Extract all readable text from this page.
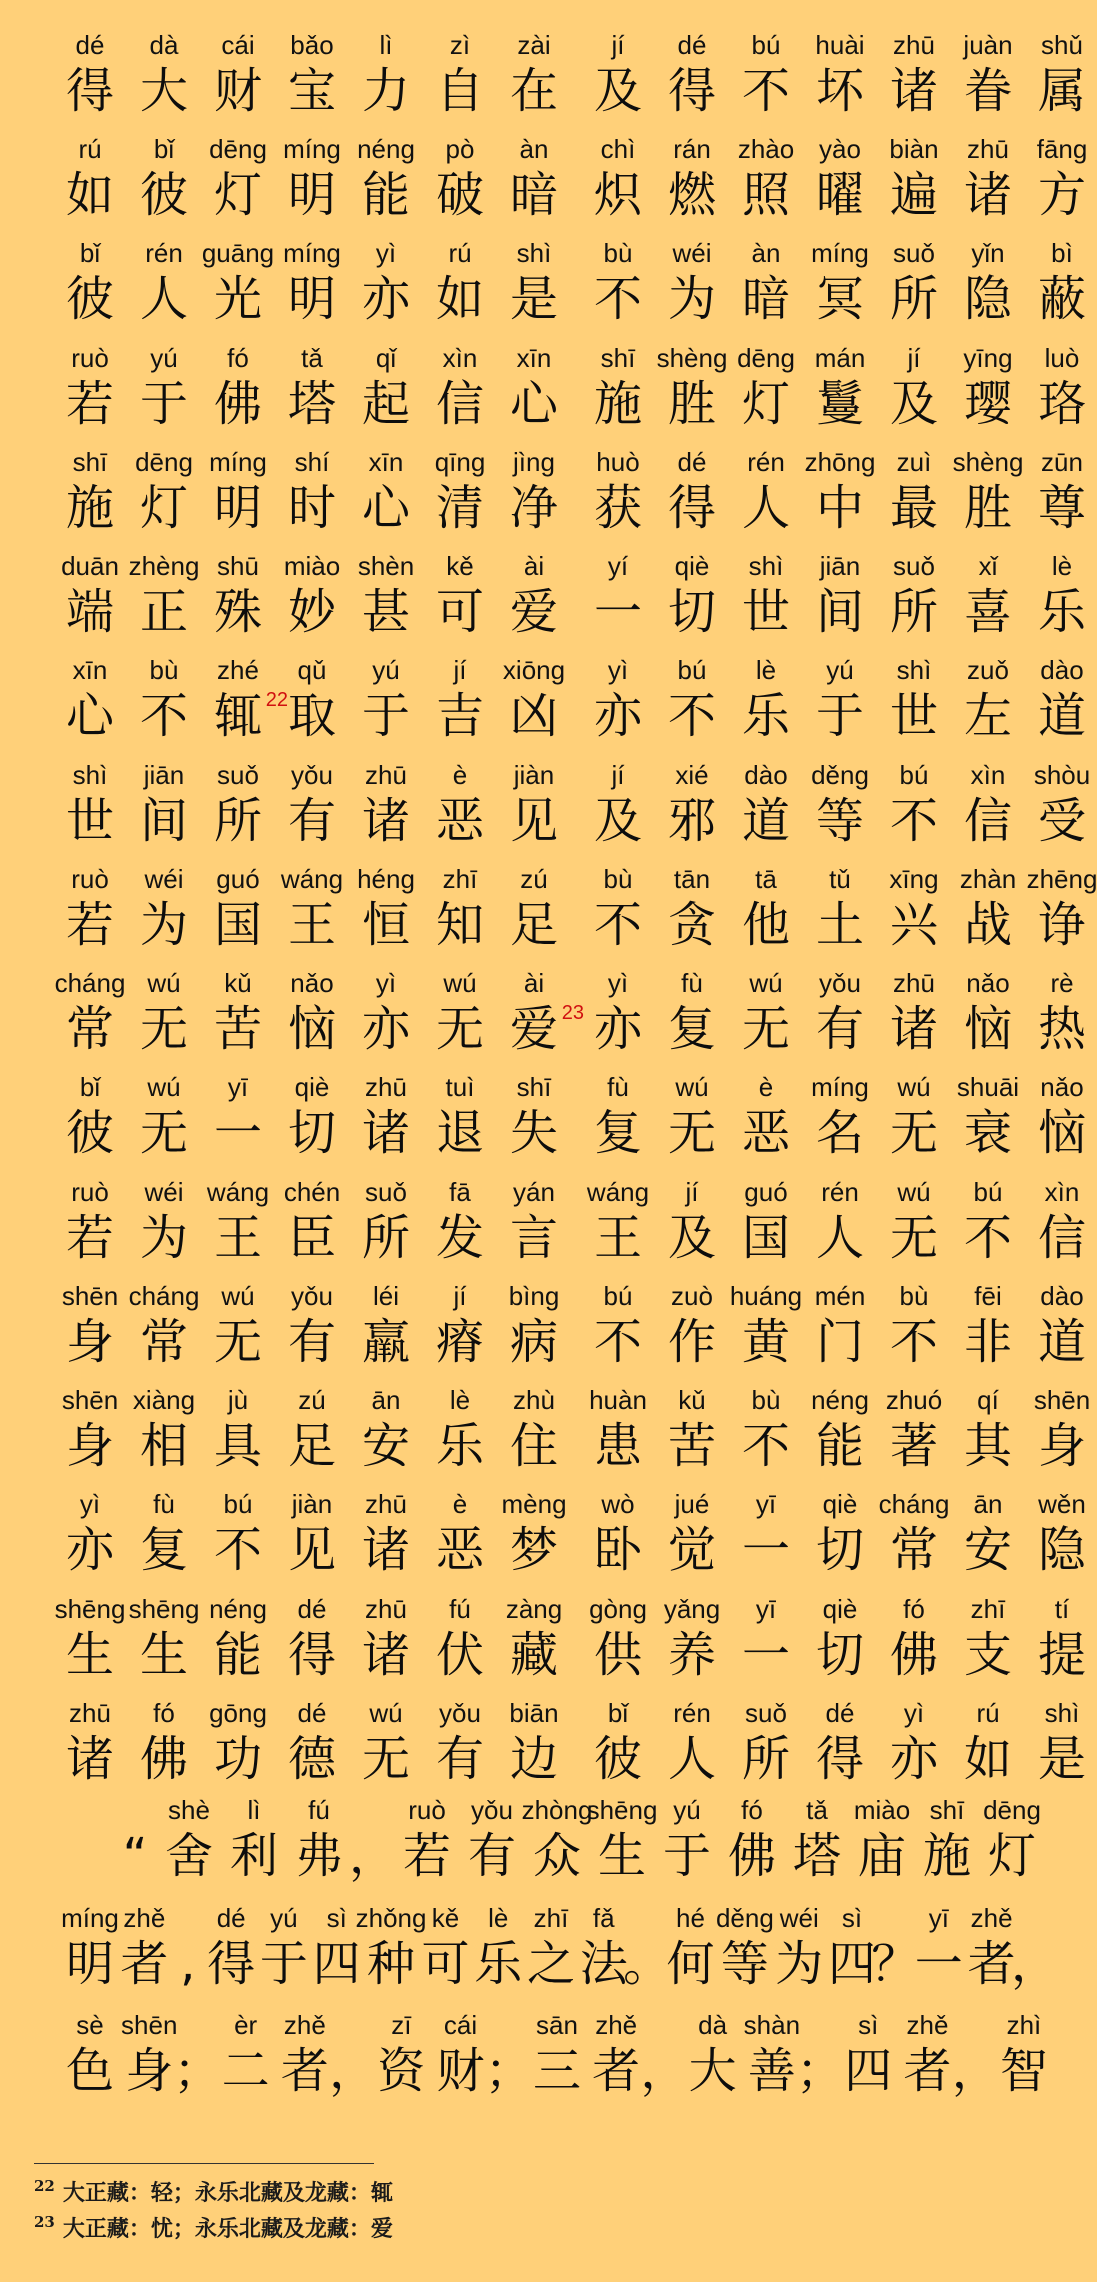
dé
得
dà
大
cái
财
bǎo
宝
lì
力
zì
自
zài
在
jí
及
dé
得
bú
不
huài
坏
zhū
诸
juàn
眷
shǔ
属
rú
如
bǐ
彼
dēng
灯
míng
明
néng
能
pò
破
àn
暗
chì
炽
rán
燃
zhào
照
yào
曜
biàn
遍
zhū
诸
fāng
方
bǐ
彼
rén
人
guāng
光
míng
明
yì
亦
rú
如
shì
是
bù
不
wéi
为
àn
暗
míng
冥
suǒ
所
yǐn
隐
bì
蔽
ruò
若
yú
于
fó
佛
tǎ
塔
qǐ
起
xìn
信
xīn
心
shī
施
shèng
胜
dēng
灯
mán
鬘
jí
及
yīng
璎
luò
珞
shī
施
dēng
灯
míng
明
shí
时
xīn
心
qīng
清
jìng
净
huò
获
dé
得
rén
人
zhōng
中
zuì
最
shèng
胜
zūn
尊
duān
端
zhèng
正
shū
殊
miào
妙
shèn
甚
kě
可
ài
爱
yí
一
qiè
切
shì
世
jiān
间
suǒ
所
xǐ
喜
lè
乐
xīn
心
bù
不
zhé
辄 22
qǔ
取
yú
于
jí
吉
xiōng
凶
yì
亦
bú
不
lè
乐
yú
于
shì
世
zuǒ
左
dào
道
shì
世
jiān
间
suǒ
所
yǒu
有
zhū
诸
è
恶
jiàn
见
jí
及
xié
邪
dào
道
děng
等
bú
不
xìn
信
shòu
受
ruò
若
wéi
为
guó
国
wáng
王
héng
恒
zhī
知
zú
足
bù
不
tān
贪
tā
他
tǔ
土
xīng
兴
zhàn
战
zhēng
诤
cháng
常
wú
无
kǔ
苦
nǎo
恼
yì
亦
wú
无
ài
爱 23
yì
亦
fù
复
wú
无
yǒu
有
zhū
诸
nǎo
恼
rè
热
bǐ
彼
wú
无
yī
一
qiè
切
zhū
诸
tuì
退
shī
失
fù
复
wú
无
è
恶
míng
名
wú
无
shuāi
衰
nǎo
恼
ruò
若
wéi
为
wáng
王
chén
臣
suǒ
所
fā
发
yán
言
wáng
王
jí
及
guó
国
rén
人
wú
无
bú
不
xìn
信
shēn
身
cháng
常
wú
无
yǒu
有
léi
羸
jí
瘠
bìng
病
bú
不
zuò
作
huáng
黄
mén
门
bù
不
fēi
非
dào
道
shēn
身
xiàng
相
jù
具
zú
足
ān
安
lè
乐
zhù
住
huàn
患
kǔ
苦
bù
不
néng
能
zhuó
著
qí
其
shēn
身
yì
亦
fù
复
bú
不
jiàn
见
zhū
诸
è
恶
mèng
梦
wò
卧
jué
觉
yī
一
qiè
切
cháng
常
ān
安
wěn
隐
shēng
生
shēng
生
néng
能
dé
得
zhū
诸
fú
伏
zàng
藏
gòng
供
yǎng
养
yī
一
qiè
切
fó
佛
zhī
支
tí
提
zhū
诸
fó
佛
gōng
功
dé
德
wú
无
yǒu
有
biān
边
bǐ
彼
rén
人
suǒ
所
dé
得
yì
亦
rú
如
shì
是
“
shè
舍
lì
利
fú
弗 ，
ruò
若
yǒu
有
zhòng
众
shēng
生
yú
于
fó
佛
tǎ
塔
miào
庙
shī
施
dēng
灯
míng
明
zhě
者 ,
dé
得
yú
于
sì
四
zhǒng
种
kě
可
lè
乐
zhī
之
fǎ
法
。
hé
何
děng
等
wéi
为
sì
四
？
yī
一
zhě
者
，
sè
色
shēn
身 ；
èr
二
zhě
者 ，
zī
资
cái
财 ；
sān
三
zhě
者 ，
dà
大
shàn
善 ；
sì
四
zhě
者 ，
zhì
智
$^{22}$ 大正藏：轻；永乐北藏及龙藏：辄
$^{23}$ 大正藏：忧；永乐北藏及龙藏：爱
